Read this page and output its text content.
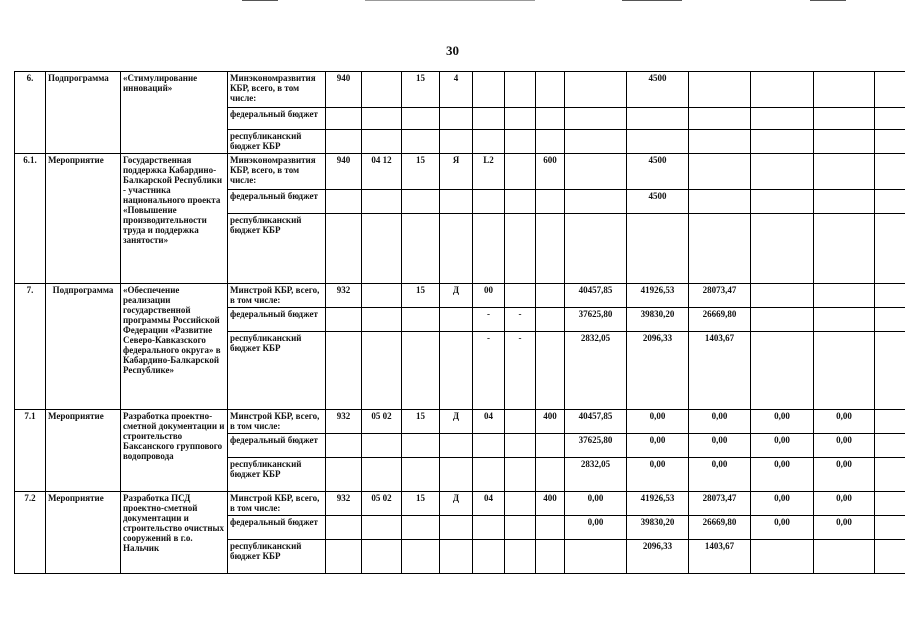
30
6.	Подпрограмма	«Стимулирование инноваций»	Минэкономразвития КБР, всего, в том числе:	940		15	4					4500				
			федеральный бюджет													
			республиканский бюджет КБР													
6.1.	Мероприятие	Государственная поддержка Кабардино-Балкарской Республики - участника национального проекта «Повышение производительности труда и поддержка занятости»	Минэкономразвития КБР, всего, в том числе:	940	04 12	15	Я	L2		600		4500				
			федеральный бюджет									4500				
			республиканский бюджет КБР													
7.	Подпрограмма	«Обеспечение реализации государственной программы Российской Федерации «Развитие Северо-Кавказского федерального округа» в Кабардино-Балкарской Республике»	Минстрой КБР, всего, в том числе:	932		15	Д	00			40457,85	41926,53	28073,47			
			федеральный бюджет					-	-		37625,80	39830,20	26669,80			
			республиканский бюджет КБР					-	-		2832,05	2096,33	1403,67			
7.1	Мероприятие	Разработка проектно-сметной документации и строительство Баксанского группового водопровода	Минстрой КБР, всего, в том числе:	932	05 02	15	Д	04		400	40457,85	0,00	0,00	0,00	0,00	
			федеральный бюджет								37625,80	0,00	0,00	0,00	0,00	
			республиканский бюджет КБР								2832,05	0,00	0,00	0,00	0,00	
7.2	Мероприятие	Разработка ПСД проектно-сметной документации и строительство очистных сооружений в г.о. Нальчик	Минстрой КБР, всего, в том числе:	932	05 02	15	Д	04		400	0,00	41926,53	28073,47	0,00	0,00	
			федеральный бюджет								0,00	39830,20	26669,80	0,00	0,00	
			республиканский бюджет КБР									2096,33	1403,67			
